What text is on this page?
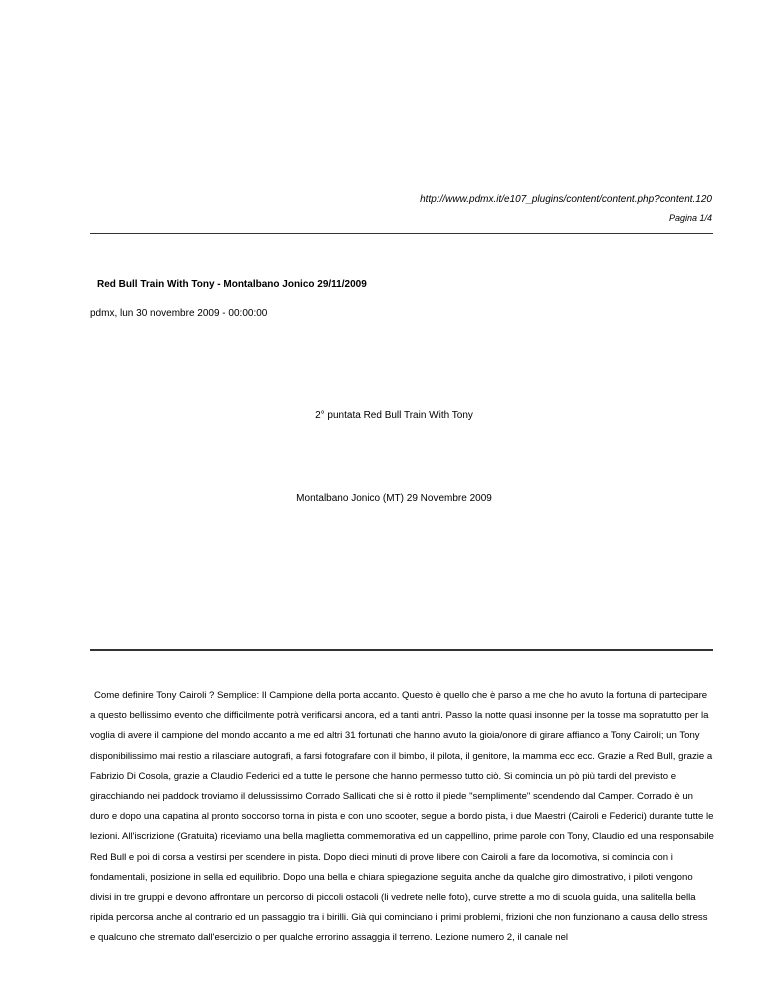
http://www.pdmx.it/e107_plugins/content/content.php?content.120
Pagina 1/4
Red Bull Train With Tony - Montalbano Jonico 29/11/2009
pdmx, lun 30 novembre 2009 - 00:00:00
2° puntata Red Bull Train With Tony
Montalbano Jonico (MT) 29 Novembre 2009

Come definire Tony Cairoli ? Semplice: Il Campione della porta accanto. Questo è quello che è parso a me che ho avuto la fortuna di partecipare a questo bellissimo evento che difficilmente potrà verificarsi ancora, ed a tanti antri. Passo la notte quasi insonne per la tosse ma sopratutto per la voglia di avere il campione del mondo accanto a me ed altri 31 fortunati che hanno avuto la gioia/onore di girare affianco a Tony Cairoli; un Tony disponibilissimo mai restio a rilasciare autografi, a farsi fotografare con il bimbo, il pilota, il genitore, la mamma ecc ecc. Grazie a Red Bull, grazie a Fabrizio Di Cosola, grazie a Claudio Federici ed a tutte le persone che hanno permesso tutto ciò. Si comincia un pò più tardi del previsto e giracchiando nei paddock troviamo il delussissimo Corrado Sallicati che si è rotto il piede "semplimente" scendendo dal Camper. Corrado è un duro e dopo una capatina al pronto soccorso torna in pista e con uno scooter, segue a bordo pista, i due Maestri (Cairoli e Federici) durante tutte le lezioni. All'iscrizione (Gratuita) riceviamo una bella maglietta commemorativa ed un cappellino, prime parole con Tony, Claudio ed una responsabile Red Bull e poi di corsa a vestirsi per scendere in pista. Dopo dieci minuti di prove libere con Cairoli a fare da locomotiva, si comincia con i fondamentali, posizione in sella ed equilibrio. Dopo una bella e chiara spiegazione seguita anche da qualche giro dimostrativo, i piloti vengono divisi in tre gruppi e devono affrontare un percorso di piccoli ostacoli (li vedrete nelle foto), curve strette a mo di scuola guida, una salitella bella ripida percorsa anche al contrario ed un passaggio tra i birilli. Già qui cominciano i primi problemi, frizioni che non funzionano a causa dello stress e qualcuno che stremato dall'esercizio o per qualche errorino assaggia il terreno. Lezione numero 2, il canale nel
